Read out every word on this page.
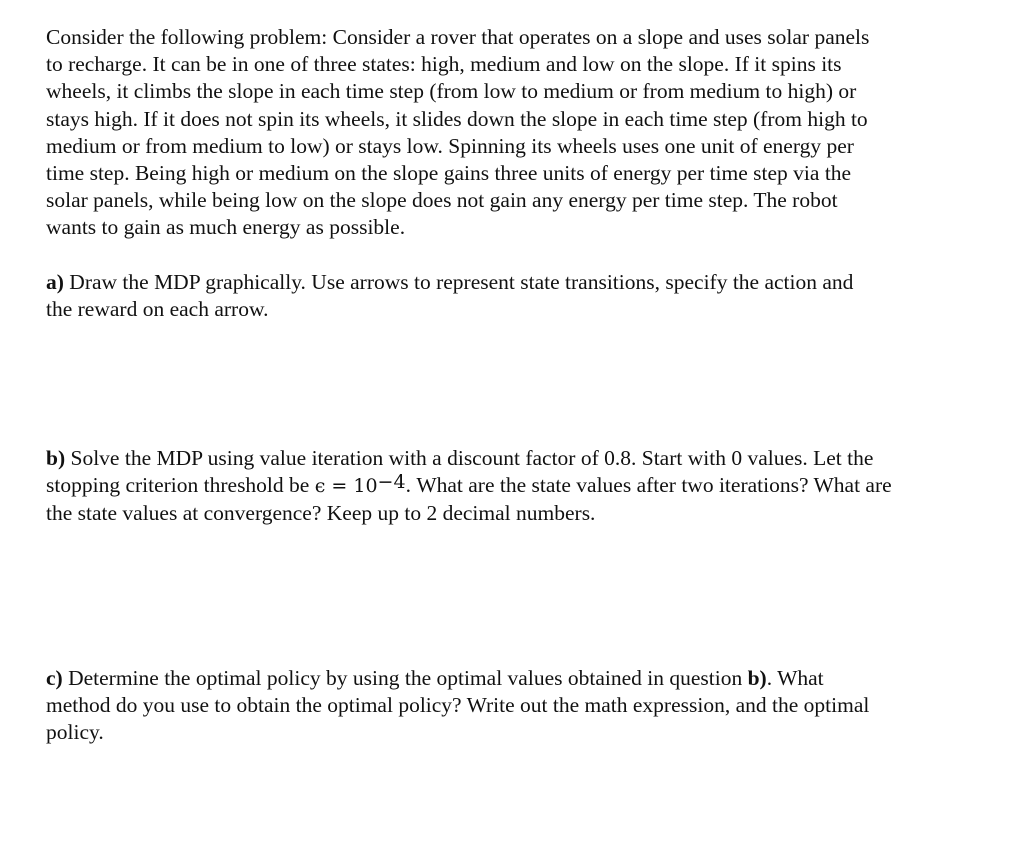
Consider the following problem: Consider a rover that operates on a slope and uses solar panels
to recharge. It can be in one of three states: high, medium and low on the slope. If it spins its
wheels, it climbs the slope in each time step (from low to medium or from medium to high) or
stays high. If it does not spin its wheels, it slides down the slope in each time step (from high to
medium or from medium to low) or stays low. Spinning its wheels uses one unit of energy per
time step. Being high or medium on the slope gains three units of energy per time step via the
solar panels, while being low on the slope does not gain any energy per time step. The robot
wants to gain as much energy as possible.

a) Draw the MDP graphically. Use arrows to represent state transitions, specify the action and
the reward on each arrow.

b) Solve the MDP using value iteration with a discount factor of 0.8. Start with 0 values. Let the
stopping criterion threshold be $\epsilon = 10^{-4}$. What are the state values after two iterations? What are
the state values at convergence? Keep up to 2 decimal numbers.

c) Determine the optimal policy by using the optimal values obtained in question b). What
method do you use to obtain the optimal policy? Write out the math expression, and the optimal
policy.
